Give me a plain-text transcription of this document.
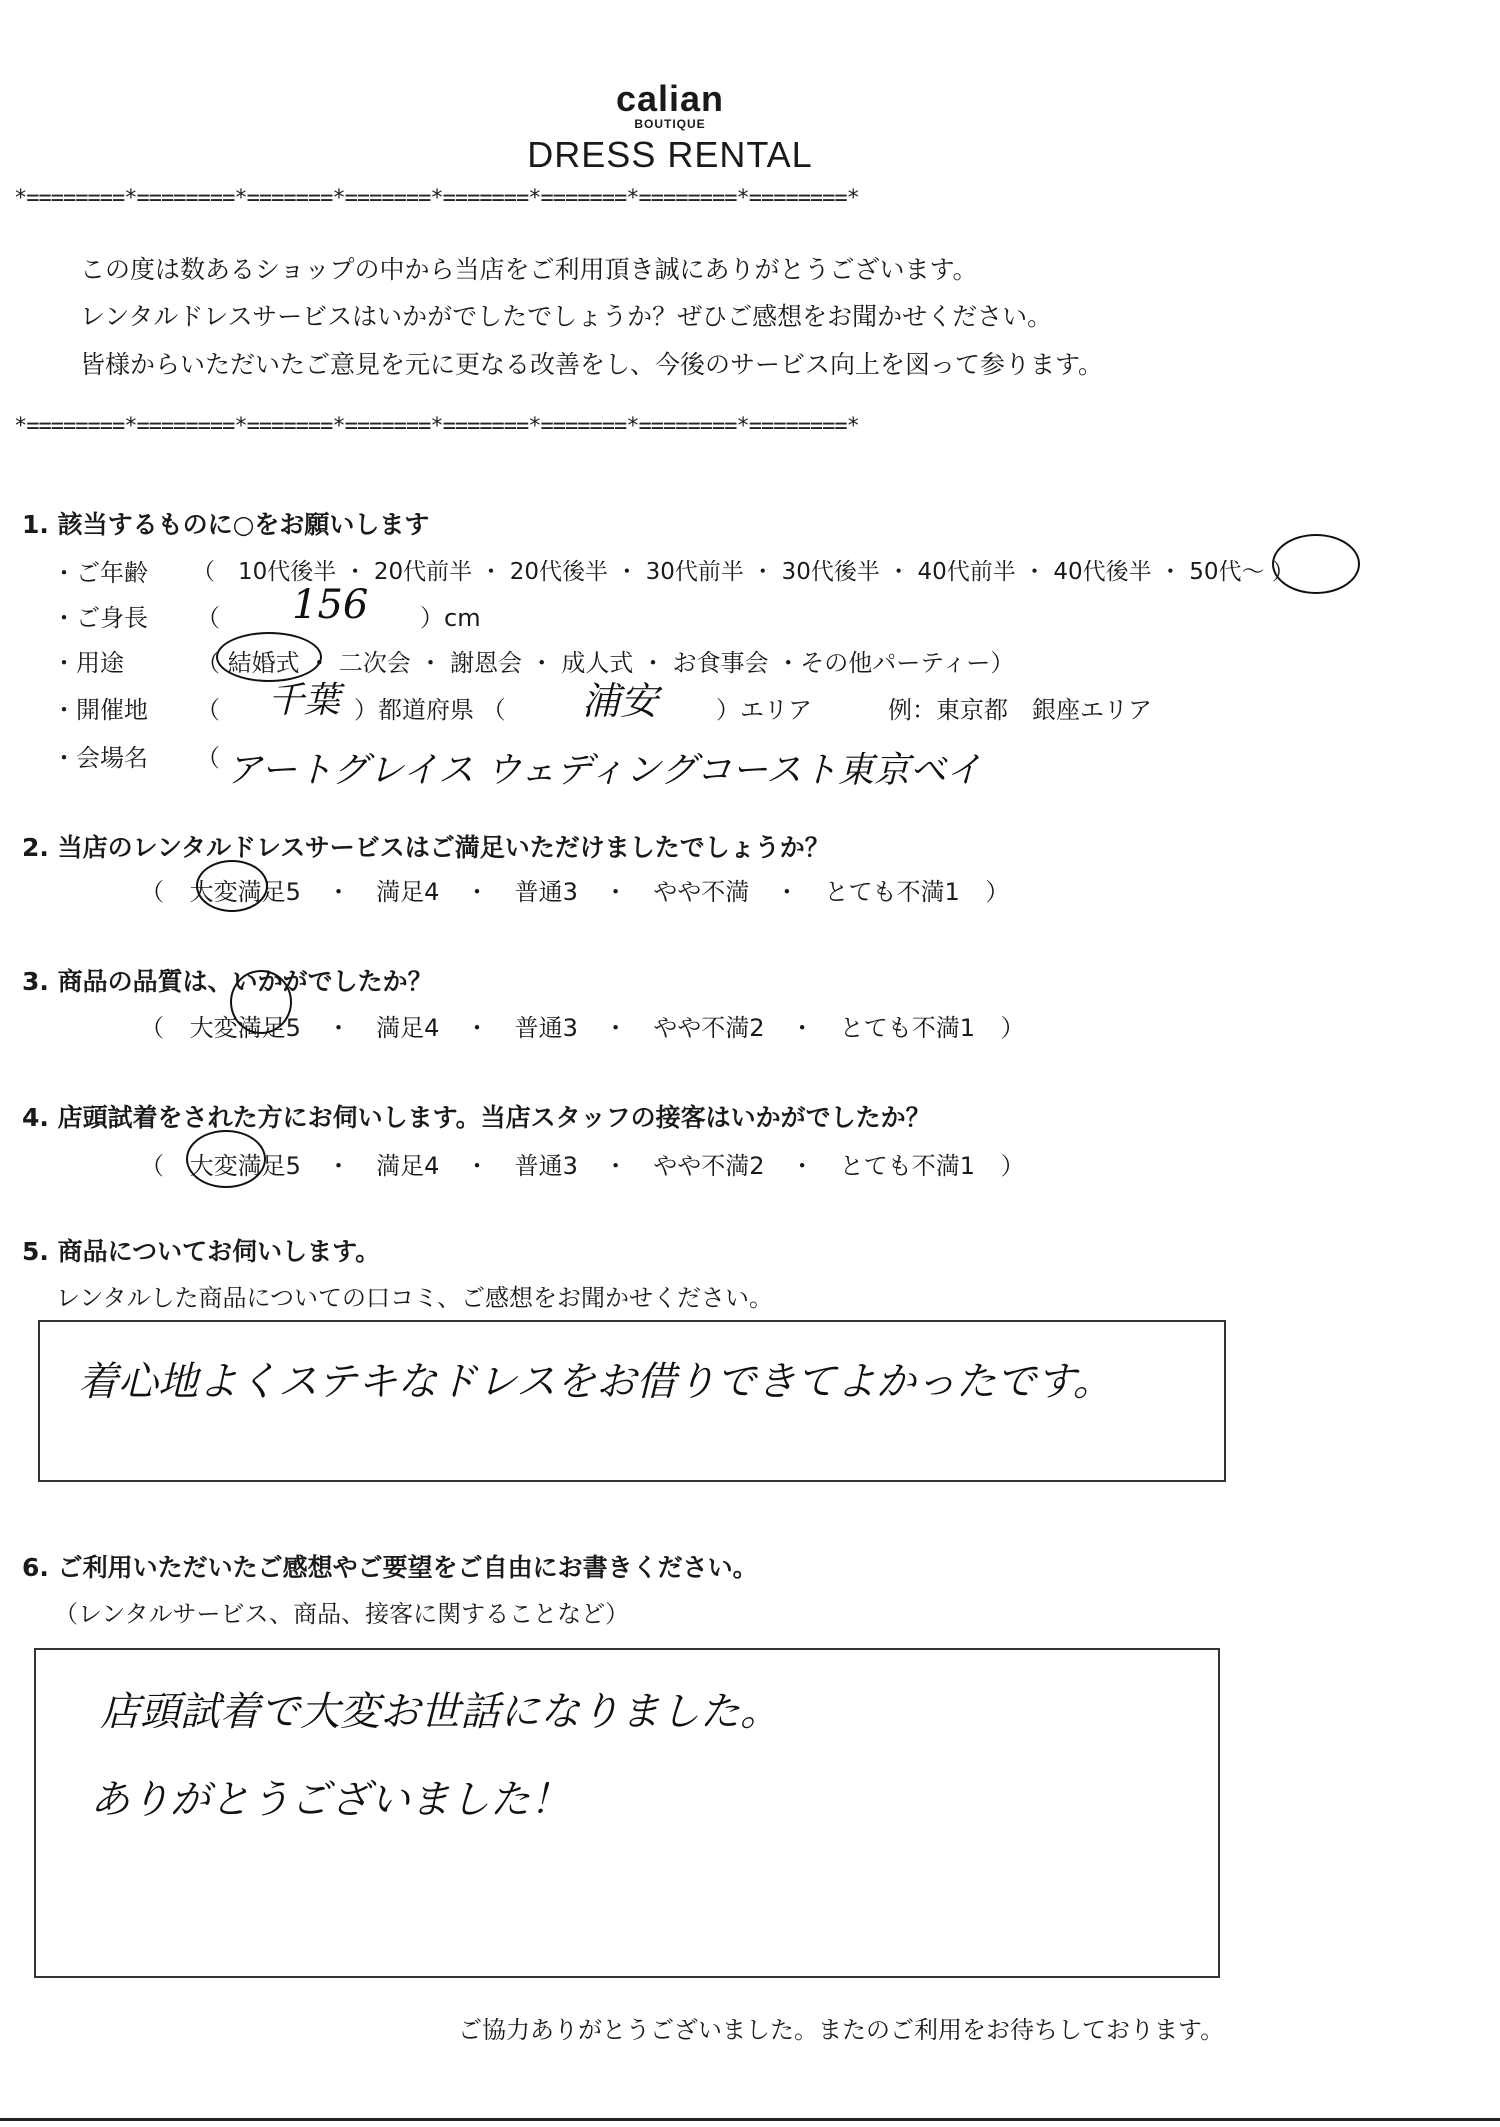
calian
BOUTIQUE
DRESS RENTAL
*========*========*=======*=======*=======*=======*========*========*
この度は数あるショップの中から当店をご利用頂き誠にありがとうございます。
レンタルドレスサービスはいかがでしたでしょうか？ぜひご感想をお聞かせください。
皆様からいただいたご意見を元に更なる改善をし、今後のサービス向上を図って参ります。
*========*========*=======*=======*=======*=======*========*========*
1. 該当するものに○をお願いします
・ご年齢 （　10代後半 ・ 20代前半 ・ 20代後半 ・ 30代前半 ・ 30代後半 ・ 40代前半 ・ 40代後半 ・ 50代～ ）
・ご身長 （ 156 ）cm
・用途	（ 結婚式 ・ 二次会 ・ 謝恩会 ・ 成人式 ・ お食事会 ・その他パーティー）
・開催地 （ 千葉 ）都道府県 （ 浦安 ）エリア	例：東京都　銀座エリア
・会場名 （ アートグレイス ウェディングコースト東京ベイ
2. 当店のレンタルドレスサービスはご満足いただけましたでしょうか？
（ 大変満足5 ・ 満足4 ・ 普通3 ・ やや不満 ・ とても不満1 ）
3. 商品の品質は、いかがでしたか？
（ 大変満足5 ・ 満足4 ・ 普通3 ・ やや不満2 ・ とても不満1 ）
4. 店頭試着をされた方にお伺いします。当店スタッフの接客はいかがでしたか？
（ 大変満足5 ・ 満足4 ・ 普通3 ・ やや不満2 ・ とても不満1 ）
5. 商品についてお伺いします。
レンタルした商品についての口コミ、ご感想をお聞かせください。
着心地よくステキなドレスをお借りできてよかったです。
6. ご利用いただいたご感想やご要望をご自由にお書きください。
（レンタルサービス、商品、接客に関することなど）
店頭試着で大変お世話になりました。
ありがとうございました！
ご協力ありがとうございました。またのご利用をお待ちしております。
